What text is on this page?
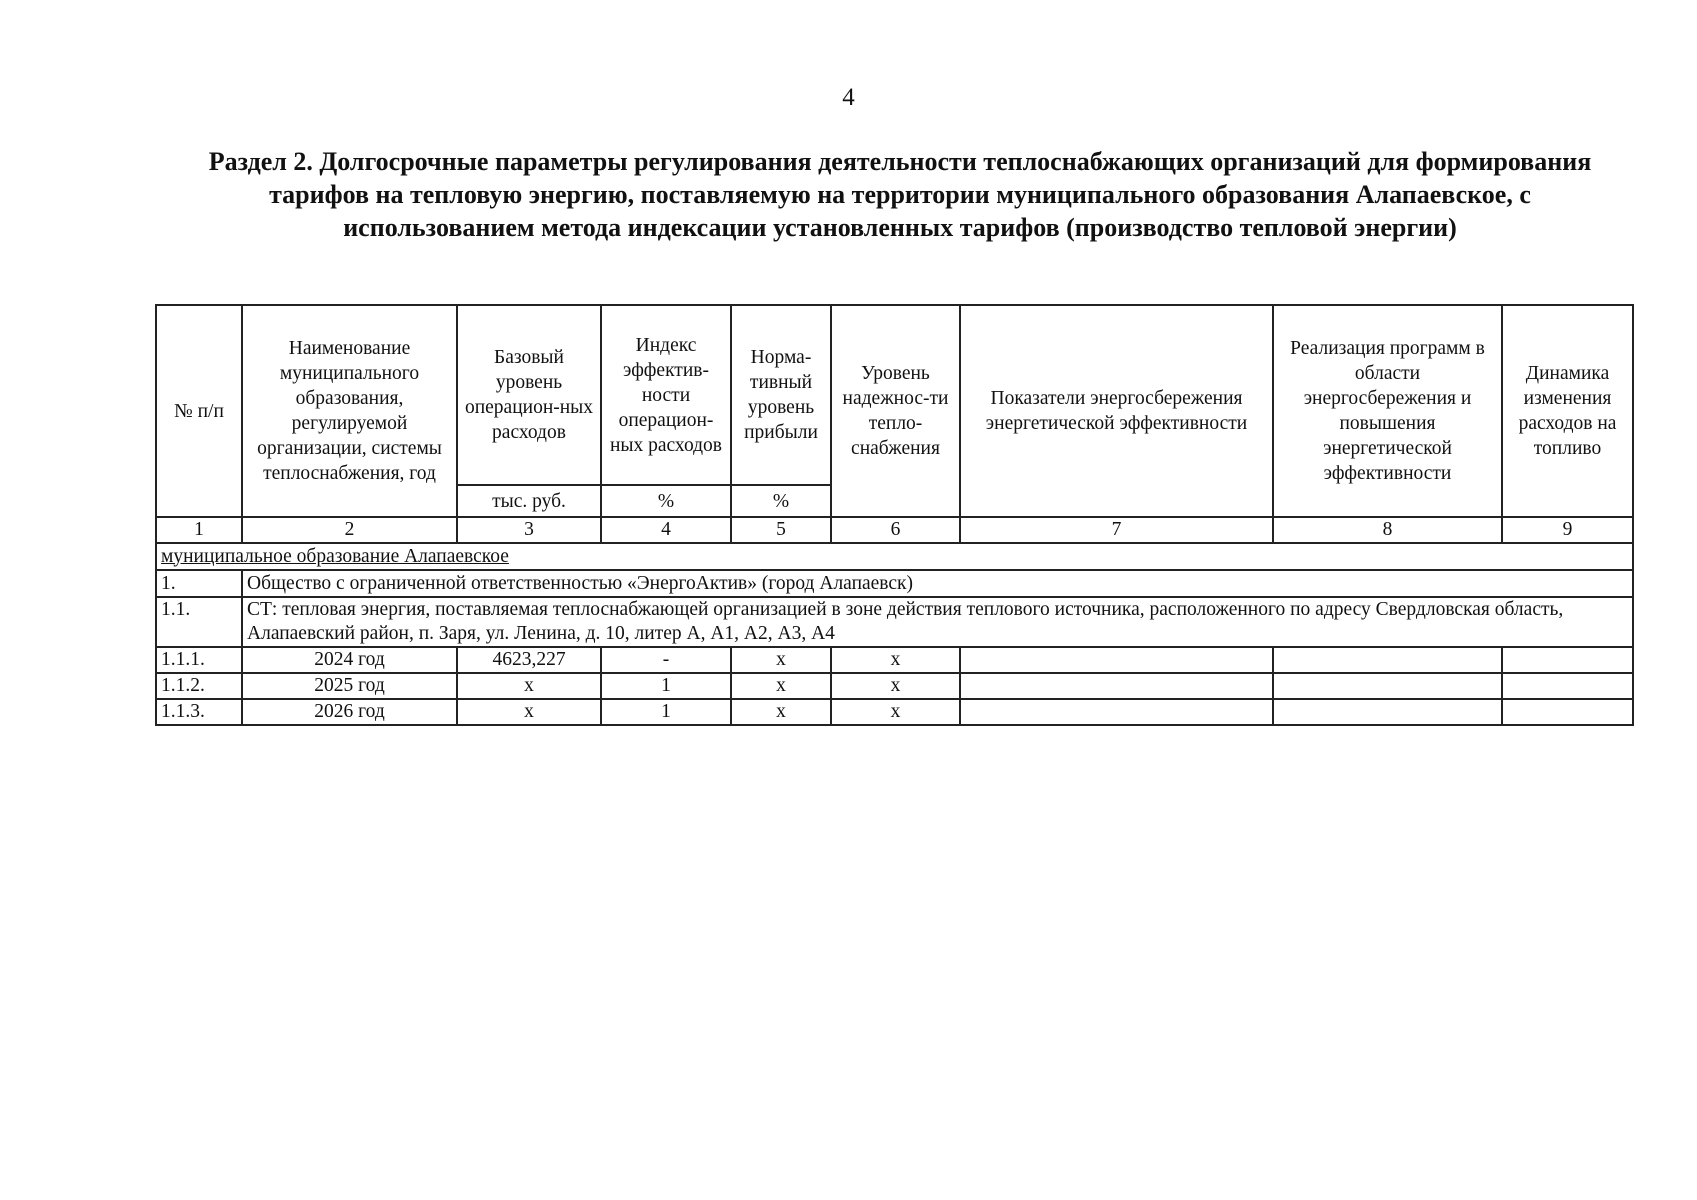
4
Раздел 2. Долгосрочные параметры регулирования деятельности теплоснабжающих организаций для формирования тарифов на тепловую энергию, поставляемую на территории муниципального образования Алапаевское, с использованием метода индексации установленных тарифов (производство тепловой энергии)
№ п/п	Наименование муниципального образования, регулируемой организации, системы теплоснабжения, год	Базовый уровень операцион-ных расходов	Индекс эффектив-ности операцион-ных расходов	Норма-тивный уровень прибыли	Уровень надежнос-ти тепло-снабжения	Показатели энергосбережения энергетической эффективности	Реализация программ в области энергосбережения и повышения энергетической эффективности	Динамика изменения расходов на топливо
		тыс. руб.	%	%				
1	2	3	4	5	6	7	8	9
муниципальное образование Алапаевское								
1.	Общество с ограниченной ответственностью «ЭнергоАктив» (город Алапаевск)							
1.1.	СТ: тепловая энергия, поставляемая теплоснабжающей организацией в зоне действия теплового источника, расположенного по адресу Свердловская область, Алапаевский район, п. Заря, ул. Ленина, д. 10, литер А, А1, А2, А3, А4							
1.1.1.	2024 год	4623,227	-	х	х			
1.1.2.	2025 год	х	1	х	х			
1.1.3.	2026 год	х	1	х	х			
